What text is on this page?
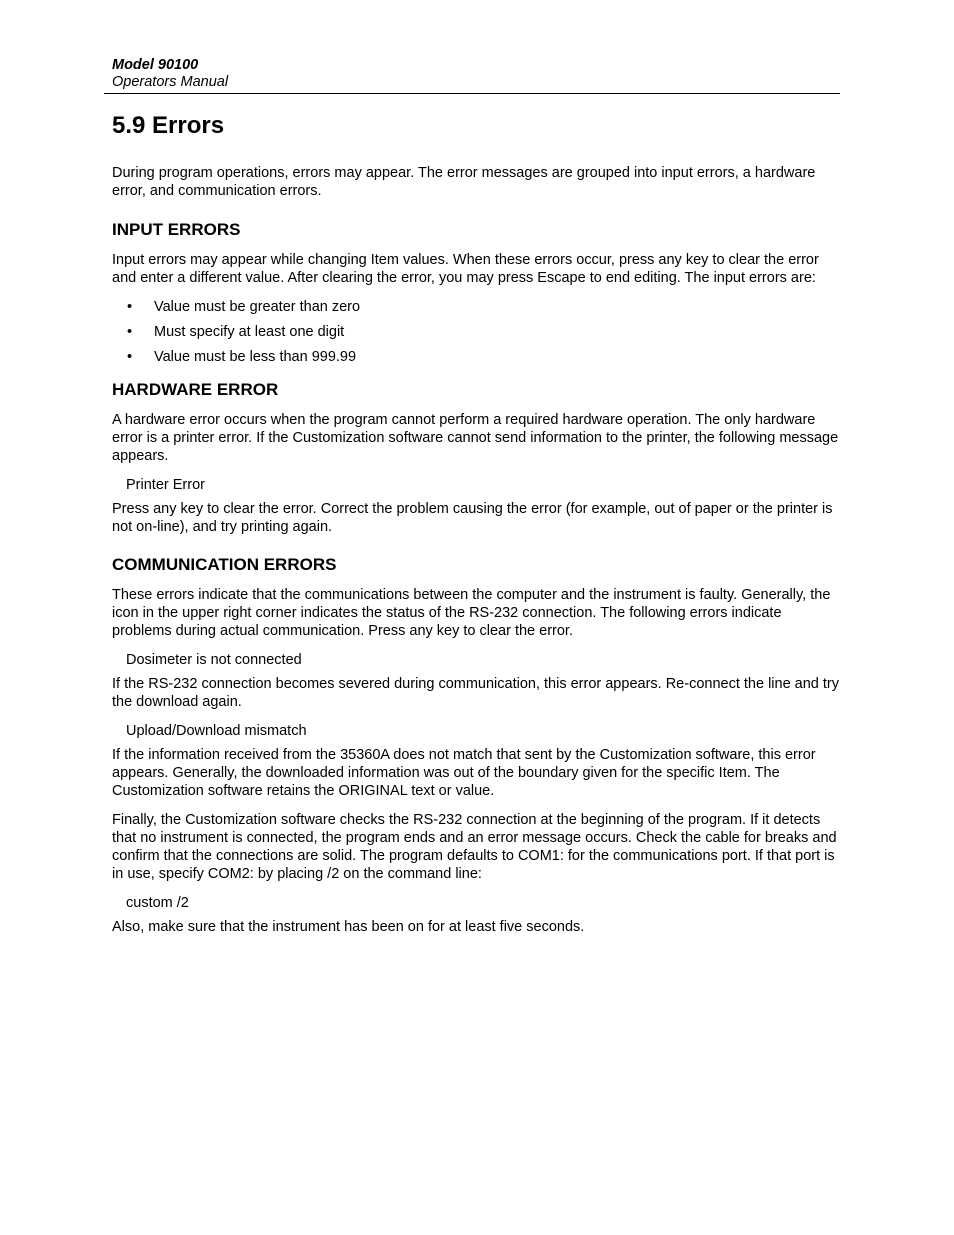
Model 90100
Operators Manual
5.9 Errors

During program operations, errors may appear. The error messages are grouped into input errors, a hardware error, and communication errors.

INPUT ERRORS

Input errors may appear while changing Item values. When these errors occur, press any key to clear the error and enter a different value. After clearing the error, you may press Escape to end editing. The input errors are:

• Value must be greater than zero
• Must specify at least one digit
• Value must be less than 999.99
HARDWARE ERROR

A hardware error occurs when the program cannot perform a required hardware operation. The only hardware error is a printer error. If the Customization software cannot send information to the printer, the following message appears.

Printer Error

Press any key to clear the error. Correct the problem causing the error (for example, out of paper or the printer is not on-line), and try printing again.

COMMUNICATION ERRORS

These errors indicate that the communications between the computer and the instrument is faulty. Generally, the icon in the upper right corner indicates the status of the RS-232 connection. The following errors indicate problems during actual communication. Press any key to clear the error.

Dosimeter is not connected

If the RS-232 connection becomes severed during communication, this error appears. Re-connect the line and try the download again.

Upload/Download mismatch

If the information received from the 35360A does not match that sent by the Customization software, this error appears. Generally, the downloaded information was out of the boundary given for the specific Item. The Customization software retains the ORIGINAL text or value.

Finally, the Customization software checks the RS-232 connection at the beginning of the program. If it detects that no instrument is connected, the program ends and an error message occurs. Check the cable for breaks and confirm that the connections are solid. The program defaults to COM1: for the communications port. If that port is in use, specify COM2: by placing /2 on the command line:

custom /2

Also, make sure that the instrument has been on for at least five seconds.
